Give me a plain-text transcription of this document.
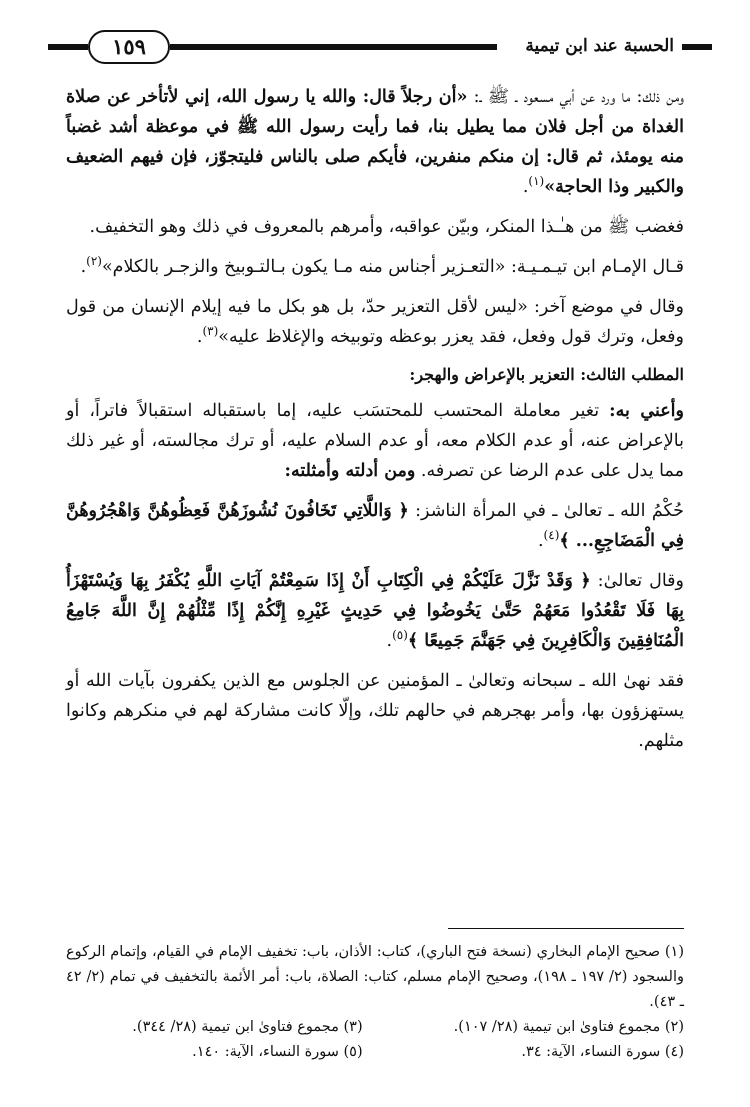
الحسبة عند ابن تيمية
١٥٩

ومن ذلك: ما ورد عن أبي مسعود ـ ﷺ ـ: «أن رجلاً قال: والله يا رسول الله، إني لأتأخر عن صلاة الغداة من أجل فلان مما يطيل بنا، فما رأيت رسول الله ﷺ في موعظة أشد غضباً منه يومئذ، ثم قال: إن منكم منفرين، فأيكم صلى بالناس فليتجوّز، فإن فيهم الضعيف والكبير وذا الحاجة»$^{(١)}$.

فغضب ﷺ من هـٰـذا المنكر، وبيّن عواقبه، وأمرهم بالمعروف في ذلك وهو التخفيف.

قـال الإمـام ابن تيـمـيـة: «التعـزير أجناس منه مـا يكون بـالتـوبيخ والزجـر بالكلام»$^{(٢)}$.

وقال في موضع آخر: «ليس لأقل التعزير حدّ، بل هو بكل ما فيه إيلام الإنسان من قول وفعل، وترك قول وفعل، فقد يعزر بوعظه وتوبيخه والإغلاظ عليه»$^{(٣)}$.

المطلب الثالث: التعزير بالإعراض والهجر:

وأعني به: تغير معاملة المحتسب للمحتسَب عليه، إما باستقباله استقبالاً فاتراً، أو بالإعراض عنه، أو عدم الكلام معه، أو عدم السلام عليه، أو ترك مجالسته، أو غير ذلك مما يدل على عدم الرضا عن تصرفه. ومن أدلته وأمثلته:

حُكْمُ الله ـ تعالىٰ ـ في المرأة الناشز: ﴿ وَاللَّاتِي تَخَافُونَ نُشُوزَهُنَّ فَعِظُوهُنَّ وَاهْجُرُوهُنَّ فِي الْمَضَاجِعِ... ﴾$^{(٤)}$.

وقال تعالىٰ: ﴿ وَقَدْ نَزَّلَ عَلَيْكُمْ فِي الْكِتَابِ أَنْ إِذَا سَمِعْتُمْ آيَاتِ اللَّهِ يُكْفَرُ بِهَا وَيُسْتَهْزَأُ بِهَا فَلَا تَقْعُدُوا مَعَهُمْ حَتَّىٰ يَخُوضُوا فِي حَدِيثٍ غَيْرِهِ إِنَّكُمْ إِذًا مِّثْلُهُمْ إِنَّ اللَّهَ جَامِعُ الْمُنَافِقِينَ وَالْكَافِرِينَ فِي جَهَنَّمَ جَمِيعًا ﴾$^{(٥)}$.

فقد نهىٰ الله ـ سبحانه وتعالىٰ ـ المؤمنين عن الجلوس مع الذين يكفرون بآيات الله أو يستهزؤون بها، وأمر بهجرهم في حالهم تلك، وإلّا كانت مشاركة لهم في منكرهم وكانوا مثلهم.

(١) صحيح الإمام البخاري (نسخة فتح الباري)، كتاب: الأذان، باب: تخفيف الإمام في القيام، وإتمام الركوع والسجود (٢/ ١٩٧ ـ ١٩٨)، وصحيح الإمام مسلم، كتاب: الصلاة، باب: أمر الأئمة بالتخفيف في تمام (٢/ ٤٢ ـ ٤٣).

(٢) مجموع فتاوىٰ ابن تيمية (٢٨/ ١٠٧).

(٣) مجموع فتاوىٰ ابن تيمية (٢٨/ ٣٤٤).

(٤) سورة النساء، الآية: ٣٤.

(٥) سورة النساء، الآية: ١٤٠.
